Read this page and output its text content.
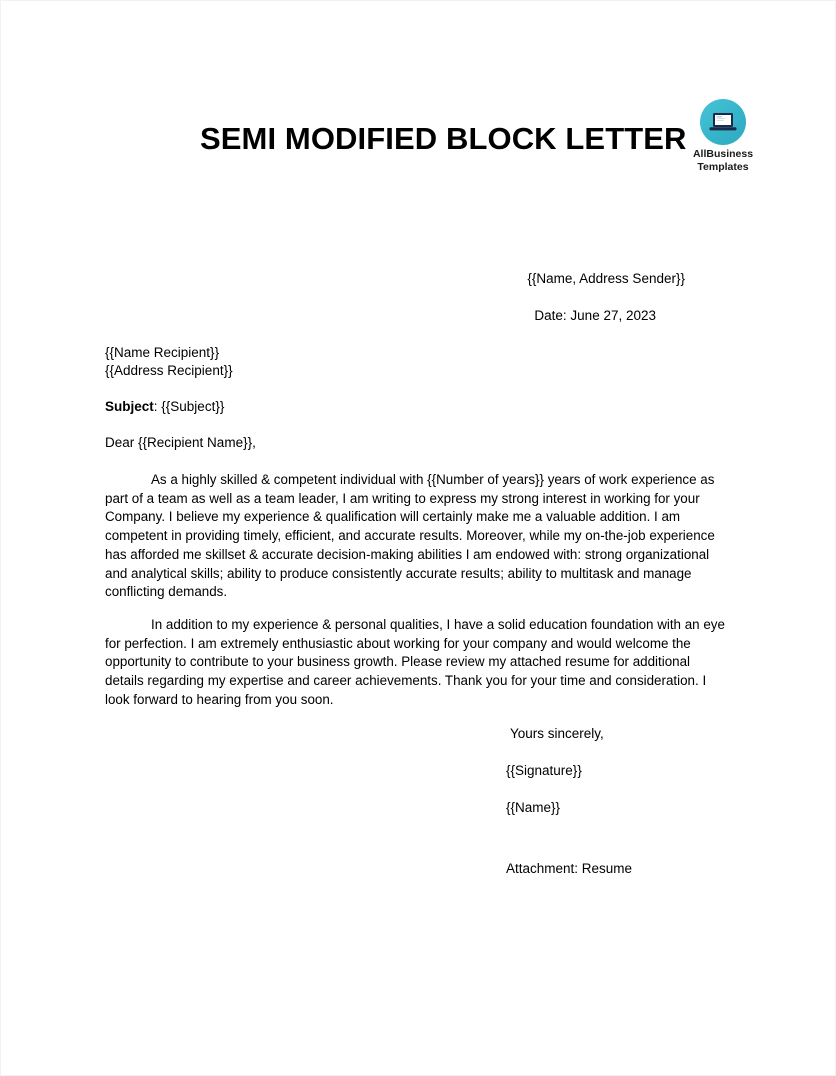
SEMI MODIFIED BLOCK LETTER AllBusiness
Templates
{{Name, Address Sender}}
Date: June 27, 2023
{{Name Recipient}}
{{Address Recipient}}
Subject: {{Subject}}
Dear {{Recipient Name}},
As a highly skilled & competent individual with {{Number of years}} years of work experience as part of a team as well as a team leader, I am writing to express my strong interest in working for your Company. I believe my experience & qualification will certainly make me a valuable addition. I am competent in providing timely, efficient, and accurate results. Moreover, while my on-the-job experience has afforded me skillset & accurate decision-making abilities I am endowed with: strong organizational and analytical skills; ability to produce consistently accurate results; ability to multitask and manage conflicting demands.
In addition to my experience & personal qualities, I have a solid education foundation with an eye for perfection. I am extremely enthusiastic about working for your company and would welcome the opportunity to contribute to your business growth. Please review my attached resume for additional details regarding my expertise and career achievements. Thank you for your time and consideration. I look forward to hearing from you soon.
Yours sincerely,
{{Signature}}
{{Name}}
Attachment: Resume
